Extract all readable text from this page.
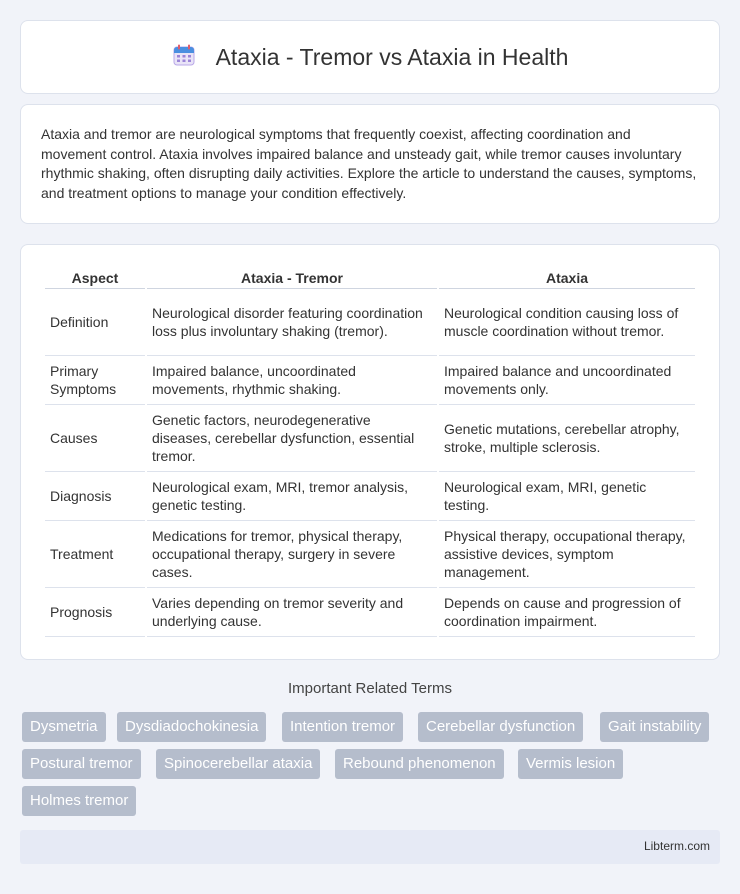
Ataxia - Tremor vs Ataxia in Health

Ataxia and tremor are neurological symptoms that frequently coexist, affecting coordination and movement control. Ataxia involves impaired balance and unsteady gait, while tremor causes involuntary rhythmic shaking, often disrupting daily activities. Explore the article to understand the causes, symptoms, and treatment options to manage your condition effectively.

Aspect	Ataxia - Tremor	Ataxia
Definition	Neurological disorder featuring coordination loss plus involuntary shaking (tremor).	Neurological condition causing loss of muscle coordination without tremor.
Primary Symptoms	Impaired balance, uncoordinated movements, rhythmic shaking.	Impaired balance and uncoordinated movements only.
Causes	Genetic factors, neurodegenerative diseases, cerebellar dysfunction, essential tremor.	Genetic mutations, cerebellar atrophy, stroke, multiple sclerosis.
Diagnosis	Neurological exam, MRI, tremor analysis, genetic testing.	Neurological exam, MRI, genetic testing.
Treatment	Medications for tremor, physical therapy, occupational therapy, surgery in severe cases.	Physical therapy, occupational therapy, assistive devices, symptom management.
Prognosis	Varies depending on tremor severity and underlying cause.	Depends on cause and progression of coordination impairment.
Important Related Terms
Dysmetria	Dysdiadochokinesia	Intention tremor	Cerebellar dysfunction	Gait instability
Postural tremor	Spinocerebellar ataxia	Rebound phenomenon	Vermis lesion
Holmes tremor
Libterm.com
